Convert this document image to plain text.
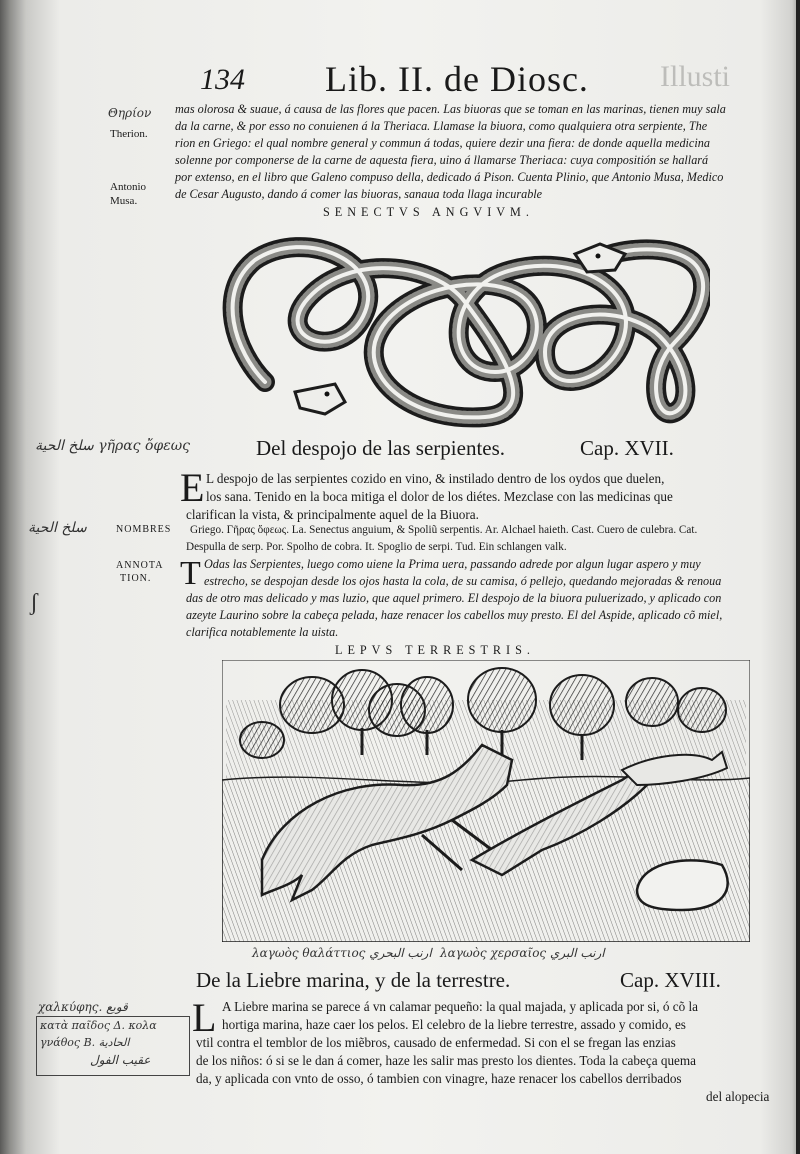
134 Lib. II. de Diosc. Illusti
Θηρίον
Therion.
Antonio
Musa.
mas olorosa & suaue, á causa de las flores que pacen. Las biuoras que se toman en las marinas, tienen muy sala
da la carne, & por esso no conuienen á la Theriaca. Llamase la biuora, como qualquiera otra serpiente, The
rion en Griego: el qual nombre general y commun á todas, quiere dezir una fiera: de donde aquella medicina
solenne por componerse de la carne de aquesta fiera, uino á llamarse Theriaca: cuya compositión se hallará
por extenso, en el libro que Galeno compuso della, dedicado á Pison. Cuenta Plinio, que Antonio Musa, Medico
de Cesar Augusto, dando á comer las biuoras, sanaua toda llaga incurable
SENECTVS ANGVIVM.
سلخ الحية γῆρας ὄφεως	Del despojo de las serpientes.	Cap. XVII.
E L despojo de las serpientes cozido en vino, & instilado dentro de los oydos que duelen,
los sana. Tenido en la boca mitiga el dolor de los diétes. Mezclase con las medicinas que
clarifican la vista, & principalmente aquel de la Biuora.
سلخ الحية	NOMBRES Griego. Γῆρας ὄφεως. La. Senectus anguium, & Spoliũ serpentis. Ar. Alchael haieth. Cast. Cuero de culebra. Cat.
Despulla de serp. Por. Spolho de cobra. It. Spoglio de serpi. Tud. Ein schlangen valk.
ANNOTA
TION. T Odas las Serpientes, luego como uiene la Prima uera, passando adrede por algun lugar aspero y muy
estrecho, se despojan desde los ojos hasta la cola, de su camisa, ó pellejo, quedando mejoradas & renoua
das de otro mas delicado y mas luzio, que aquel primero. El despojo de la biuora puluerizado, y aplicado con
azeyte Laurino sobre la cabeça pelada, haze renacer los cabellos muy presto. El del Aspide, aplicado cõ miel,
clarifica notablemente la uista.
ʃ
LEPVS TERRESTRIS.
λαγωὸς θαλάττιος ارنب البحري λαγωὸς χερσαῖος ارنب البري
De la Liebre marina, y de la terrestre.	Cap. XVIII.
χαλκύφης. قوبع
κατὰ παῖδος Δ. κολα
γνάθος Β. الحادية
عقيب الفول
L A Liebre marina se parece á vn calamar pequeño: la qual majada, y aplicada por si, ó cõ la
hortiga marina, haze caer los pelos. El celebro de la liebre terrestre, assado y comido, es
vtil contra el temblor de los miẽbros, causado de enfermedad. Si con el se fregan las enzias
de los niños: ó si se le dan á comer, haze les salir mas presto los dientes. Toda la cabeça quema
da, y aplicada con vnto de osso, ó tambien con vinagre, haze renacer los cabellos derribados
del alopecia
